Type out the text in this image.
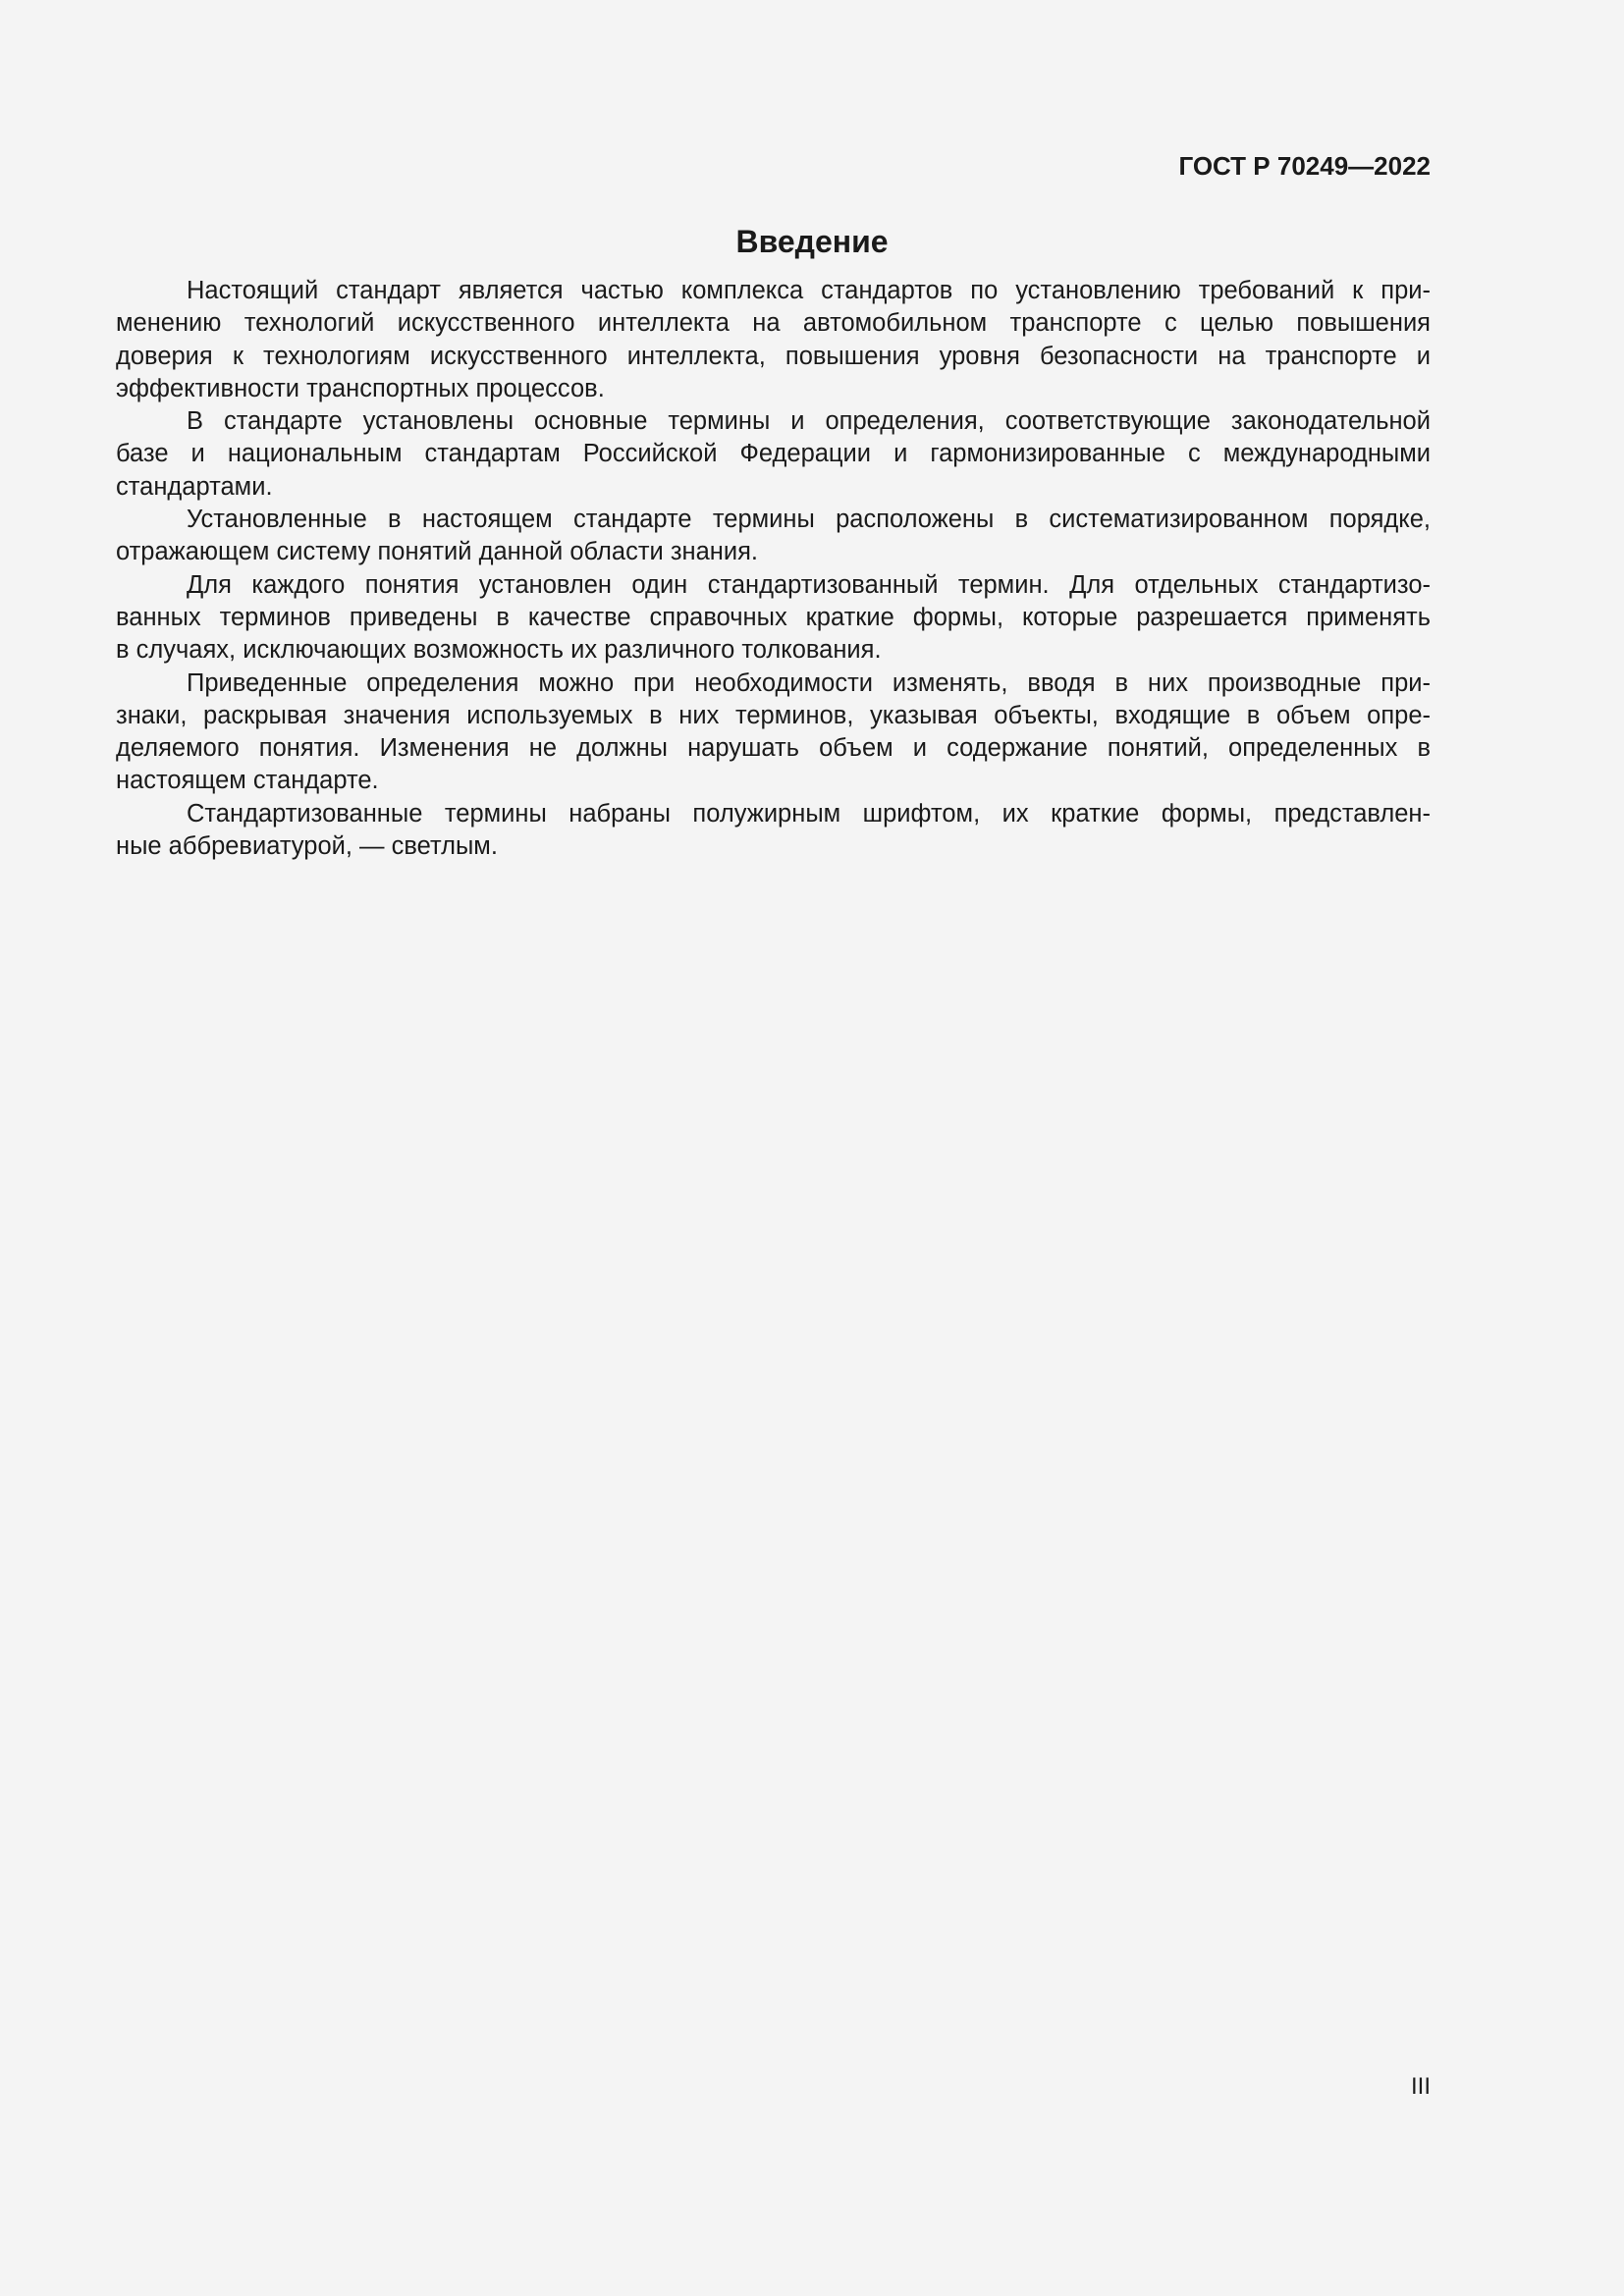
ГОСТ Р 70249—2022
Введение
Настоящий стандарт является частью комплекса стандартов по установлению требований к при-
менению технологий искусственного интеллекта на автомобильном транспорте с целью повышения
доверия к технологиям искусственного интеллекта, повышения уровня безопасности на транспорте и
эффективности транспортных процессов.
В стандарте установлены основные термины и определения, соответствующие законодательной
базе и национальным стандартам Российской Федерации и гармонизированные с международными
стандартами.
Установленные в настоящем стандарте термины расположены в систематизированном порядке,
отражающем систему понятий данной области знания.
Для каждого понятия установлен один стандартизованный термин. Для отдельных стандартизо-
ванных терминов приведены в качестве справочных краткие формы, которые разрешается применять
в случаях, исключающих возможность их различного толкования.
Приведенные определения можно при необходимости изменять, вводя в них производные при-
знаки, раскрывая значения используемых в них терминов, указывая объекты, входящие в объем опре-
деляемого понятия. Изменения не должны нарушать объем и содержание понятий, определенных в
настоящем стандарте.
Стандартизованные термины набраны полужирным шрифтом, их краткие формы, представлен-
ные аббревиатурой, — светлым.
III
